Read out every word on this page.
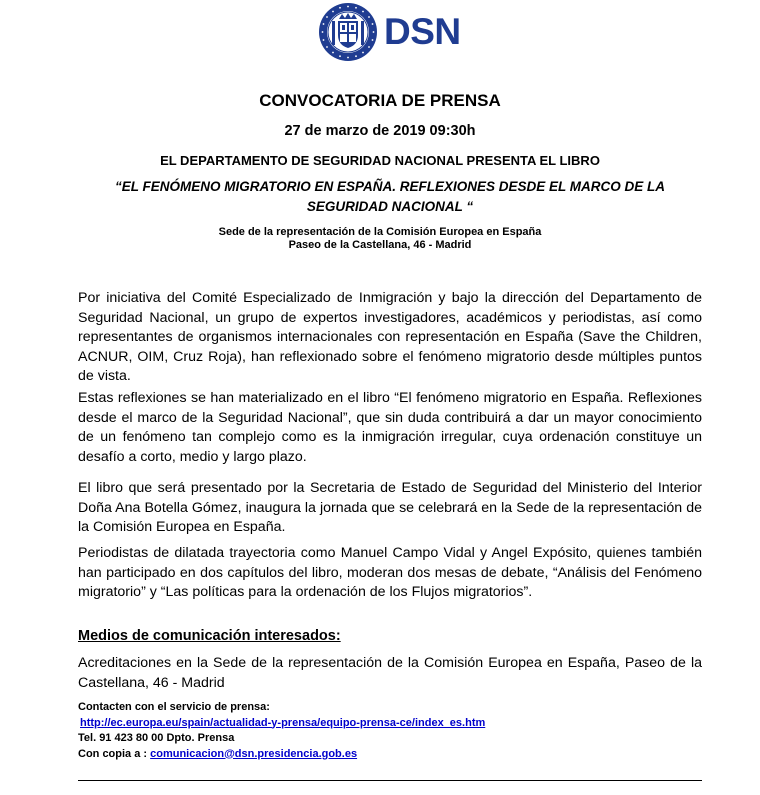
DSN
CONVOCATORIA DE PRENSA
27 de marzo de 2019 09:30h
EL DEPARTAMENTO DE SEGURIDAD NACIONAL PRESENTA EL LIBRO
“EL FENÓMENO MIGRATORIO EN ESPAÑA. REFLEXIONES DESDE EL MARCO DE LA SEGURIDAD NACIONAL “
Sede de la representación de la Comisión Europea en España
Paseo de la Castellana, 46 - Madrid
Por iniciativa del Comité Especializado de Inmigración y bajo la dirección del Departamento de Seguridad Nacional, un grupo de expertos investigadores, académicos y periodistas, así como representantes de organismos internacionales con representación en España (Save the Children, ACNUR, OIM, Cruz Roja), han reflexionado sobre el fenómeno migratorio desde múltiples puntos de vista.
Estas reflexiones se han materializado en el libro “El fenómeno migratorio en España. Reflexiones desde el marco de la Seguridad Nacional”, que sin duda contribuirá a dar un mayor conocimiento de un fenómeno tan complejo como es la inmigración irregular, cuya ordenación constituye un desafío a corto, medio y largo plazo.
El libro que será presentado por la Secretaria de Estado de Seguridad del Ministerio del Interior Doña Ana Botella Gómez, inaugura la jornada que se celebrará en la Sede de la representación de la Comisión Europea en España.
Periodistas de dilatada trayectoria como Manuel Campo Vidal y Angel Expósito, quienes también han participado en dos capítulos del libro, moderan dos mesas de debate, “Análisis del Fenómeno migratorio” y “Las políticas para la ordenación de los Flujos migratorios”.
Medios de comunicación interesados:
Acreditaciones en la Sede de la representación de la Comisión Europea en España, Paseo de la Castellana, 46 - Madrid
Contacten con el servicio de prensa:
http://ec.europa.eu/spain/actualidad-y-prensa/equipo-prensa-ce/index_es.htm
Tel. 91 423 80 00 Dpto. Prensa
Con copia a : comunicacion@dsn.presidencia.gob.es
